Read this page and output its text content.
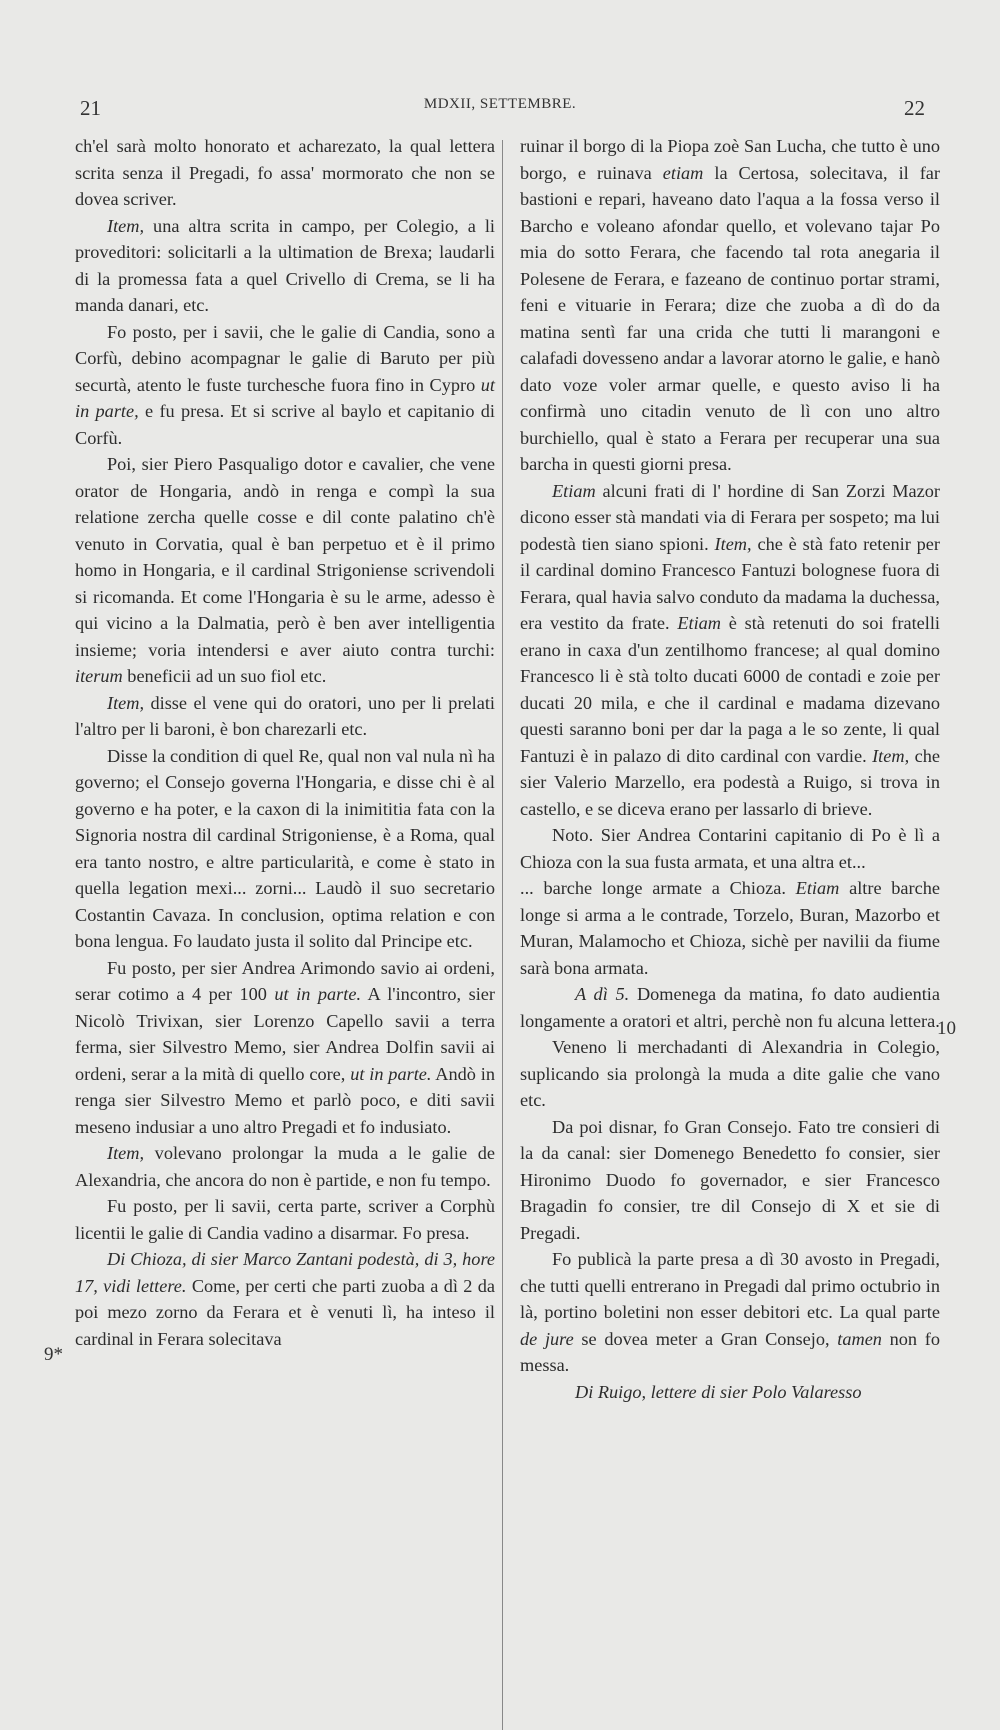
21	MDXII, SETTEMBRE.	22
9*
10

ch'el sarà molto honorato et acharezato, la qual lettera scrita senza il Pregadi, fo assa' mormorato che non se dovea scriver.

Item, una altra scrita in campo, per Colegio, a li proveditori: solicitarli a la ultimation de Brexa; laudarli di la promessa fata a quel Crivello di Crema, se li ha manda danari, etc.

Fo posto, per i savii, che le galie di Candia, sono a Corfù, debino acompagnar le galie di Baruto per più securtà, atento le fuste turchesche fuora fino in Cypro ut in parte, e fu presa. Et si scrive al baylo et capitanio di Corfù.

Poi, sier Piero Pasqualigo dotor e cavalier, che vene orator de Hongaria, andò in renga e compì la sua relatione zercha quelle cosse e dil conte palatino ch'è venuto in Corvatia, qual è ban perpetuo et è il primo homo in Hongaria, e il cardinal Strigoniense scrivendoli si ricomanda. Et come l'Hongaria è su le arme, adesso è qui vicino a la Dalmatia, però è ben aver intelligentia insieme; voria intendersi e aver aiuto contra turchi: iterum beneficii ad un suo fiol etc.

Item, disse el vene qui do oratori, uno per li prelati l'altro per li baroni, è bon charezarli etc.

Disse la condition di quel Re, qual non val nula nì ha governo; el Consejo governa l'Hongaria, e disse chi è al governo e ha poter, e la caxon di la inimititia fata con la Signoria nostra dil cardinal Strigoniense, è a Roma, qual era tanto nostro, e altre particularità, e come è stato in quella legation mexi... zorni... Laudò il suo secretario Costantin Cavaza. In conclusion, optima relation e con bona lengua. Fo laudato justa il solito dal Principe etc.

Fu posto, per sier Andrea Arimondo savio ai ordeni, serar cotimo a 4 per 100 ut in parte. A l'incontro, sier Nicolò Trivixan, sier Lorenzo Capello savii a terra ferma, sier Silvestro Memo, sier Andrea Dolfin savii ai ordeni, serar a la mità di quello core, ut in parte. Andò in renga sier Silvestro Memo et parlò poco, e diti savii meseno indusiar a uno altro Pregadi et fo indusiato.

Item, volevano prolongar la muda a le galie de Alexandria, che ancora do non è partide, e non fu tempo.

Fu posto, per li savii, certa parte, scriver a Corphù licentii le galie di Candia vadino a disarmar. Fo presa.

Di Chioza, di sier Marco Zantani podestà, di 3, hore 17, vidi lettere. Come, per certi che parti zuoba a dì 2 da poi mezo zorno da Ferara et è venuti lì, ha inteso il cardinal in Ferara solecitava

ruinar il borgo di la Piopa zoè San Lucha, che tutto è uno borgo, e ruinava etiam la Certosa, solecitava, il far bastioni e repari, haveano dato l'aqua a la fossa verso il Barcho e voleano afondar quello, et volevano tajar Po mia do sotto Ferara, che facendo tal rota anegaria il Polesene de Ferara, e fazeano de continuo portar strami, feni e vituarie in Ferara; dize che zuoba a dì do da matina sentì far una crida che tutti li marangoni e calafadi dovesseno andar a lavorar atorno le galie, e hanò dato voze voler armar quelle, e questo aviso li ha confirmà uno citadin venuto de lì con uno altro burchiello, qual è stato a Ferara per recuperar una sua barcha in questi giorni presa.

Etiam alcuni frati di l' hordine di San Zorzi Mazor dicono esser stà mandati via di Ferara per sospeto; ma lui podestà tien siano spioni. Item, che è stà fato retenir per il cardinal domino Francesco Fantuzi bolognese fuora di Ferara, qual havia salvo conduto da madama la duchessa, era vestito da frate. Etiam è stà retenuti do soi fratelli erano in caxa d'un zentilhomo francese; al qual domino Francesco li è stà tolto ducati 6000 de contadi e zoie per ducati 20 mila, e che il cardinal e madama dizevano questi saranno boni per dar la paga a le so zente, li qual Fantuzi è in palazo di dito cardinal con vardie. Item, che sier Valerio Marzello, era podestà a Ruigo, si trova in castello, e se diceva erano per lassarlo di brieve.

Noto. Sier Andrea Contarini capitanio di Po è lì a Chioza con la sua fusta armata, et una altra et...

... barche longe armate a Chioza. Etiam altre barche longe si arma a le contrade, Torzelo, Buran, Mazorbo et Muran, Malamocho et Chioza, sichè per navilii da fiume sarà bona armata.

A dì 5. Domenega da matina, fo dato audientia longamente a oratori et altri, perchè non fu alcuna lettera.

Veneno li merchadanti di Alexandria in Colegio, suplicando sia prolongà la muda a dite galie che vano etc.

Da poi disnar, fo Gran Consejo. Fato tre consieri di la da canal: sier Domenego Benedetto fo consier, sier Hironimo Duodo fo governador, e sier Francesco Bragadin fo consier, tre dil Consejo di X et sie di Pregadi.

Fo publicà la parte presa a dì 30 avosto in Pregadi, che tutti quelli entrerano in Pregadi dal primo octubrio in là, portino boletini non esser debitori etc. La qual parte de jure se dovea meter a Gran Consejo, tamen non fo messa.

Di Ruigo, lettere di sier Polo Valaresso
